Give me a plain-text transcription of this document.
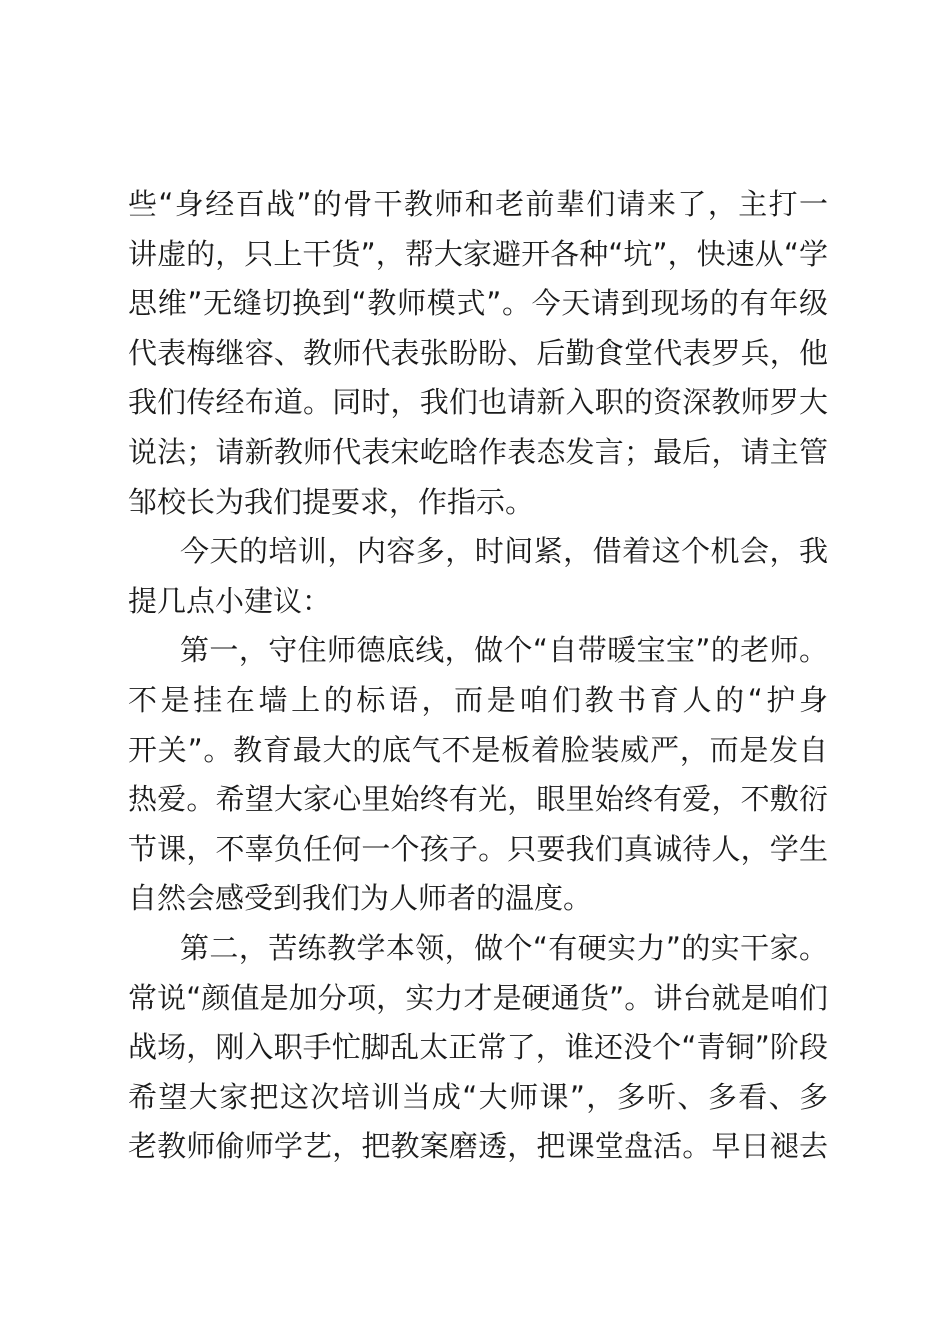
些“身经百战”的骨干教师和老前辈们请来了，主打一
讲虚的，只上干货”，帮大家避开各种“坑”，快速从“学
思维”无缝切换到“教师模式”。今天请到现场的有年级
代表梅继容、教师代表张盼盼、后勤食堂代表罗兵，他
我们传经布道。同时，我们也请新入职的资深教师罗大
说法；请新教师代表宋屹晗作表态发言；最后，请主管
邹校长为我们提要求，作指示。
今天的培训，内容多，时间紧，借着这个机会，我
提几点小建议：
第一，守住师德底线，做个“自带暖宝宝”的老师。
不是挂在墙上的标语，而是咱们教书育人的“护身
开关”。教育最大的底气不是板着脸装威严，而是发自
热爱。希望大家心里始终有光，眼里始终有爱，不敷衍
节课，不辜负任何一个孩子。只要我们真诚待人，学生
自然会感受到我们为人师者的温度。
第二，苦练教学本领，做个“有硬实力”的实干家。
常说“颜值是加分项，实力才是硬通货”。讲台就是咱们
战场，刚入职手忙脚乱太正常了，谁还没个“青铜”阶段
希望大家把这次培训当成“大师课”，多听、多看、多
老教师偷师学艺，把教案磨透，把课堂盘活。早日褪去
